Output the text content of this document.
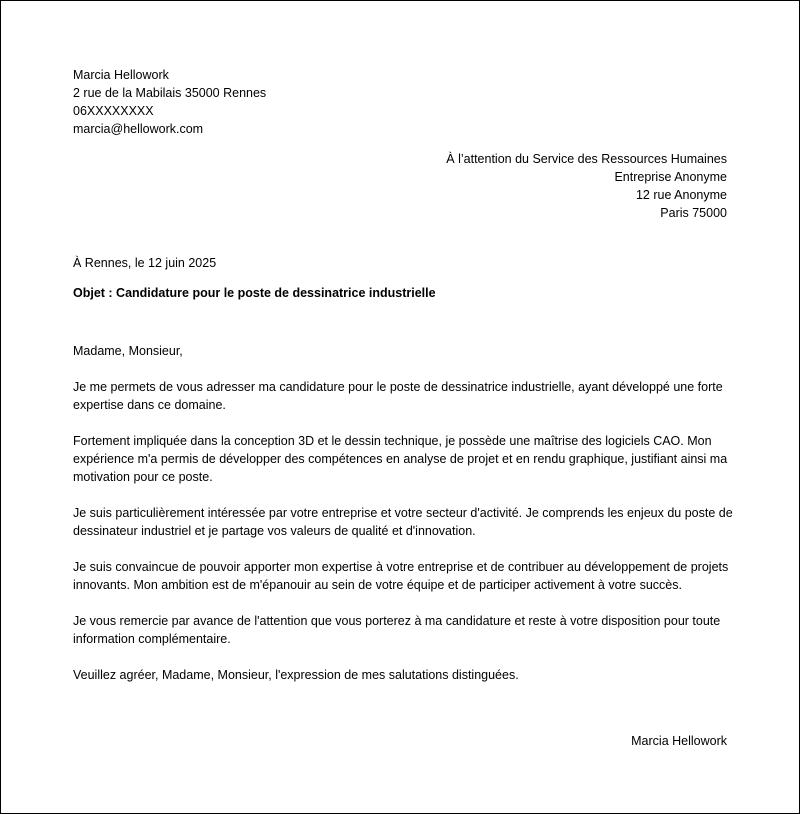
Marcia Hellowork
2 rue de la Mabilais 35000 Rennes
06XXXXXXXX
marcia@hellowork.com
À l’attention du Service des Ressources Humaines
Entreprise Anonyme
12 rue Anonyme
Paris 75000
À Rennes, le 12 juin 2025
Objet : Candidature pour le poste de dessinatrice industrielle

Madame, Monsieur,

Je me permets de vous adresser ma candidature pour le poste de dessinatrice industrielle, ayant développé une forte expertise dans ce domaine.

Fortement impliquée dans la conception 3D et le dessin technique, je possède une maîtrise des logiciels CAO. Mon expérience m'a permis de développer des compétences en analyse de projet et en rendu graphique, justifiant ainsi ma motivation pour ce poste.

Je suis particulièrement intéressée par votre entreprise et votre secteur d'activité. Je comprends les enjeux du poste de dessinateur industriel et je partage vos valeurs de qualité et d'innovation.

Je suis convaincue de pouvoir apporter mon expertise à votre entreprise et de contribuer au développement de projets innovants. Mon ambition est de m'épanouir au sein de votre équipe et de participer activement à votre succès.

Je vous remercie par avance de l'attention que vous porterez à ma candidature et reste à votre disposition pour toute information complémentaire.

Veuillez agréer, Madame, Monsieur, l'expression de mes salutations distinguées.

Marcia Hellowork
